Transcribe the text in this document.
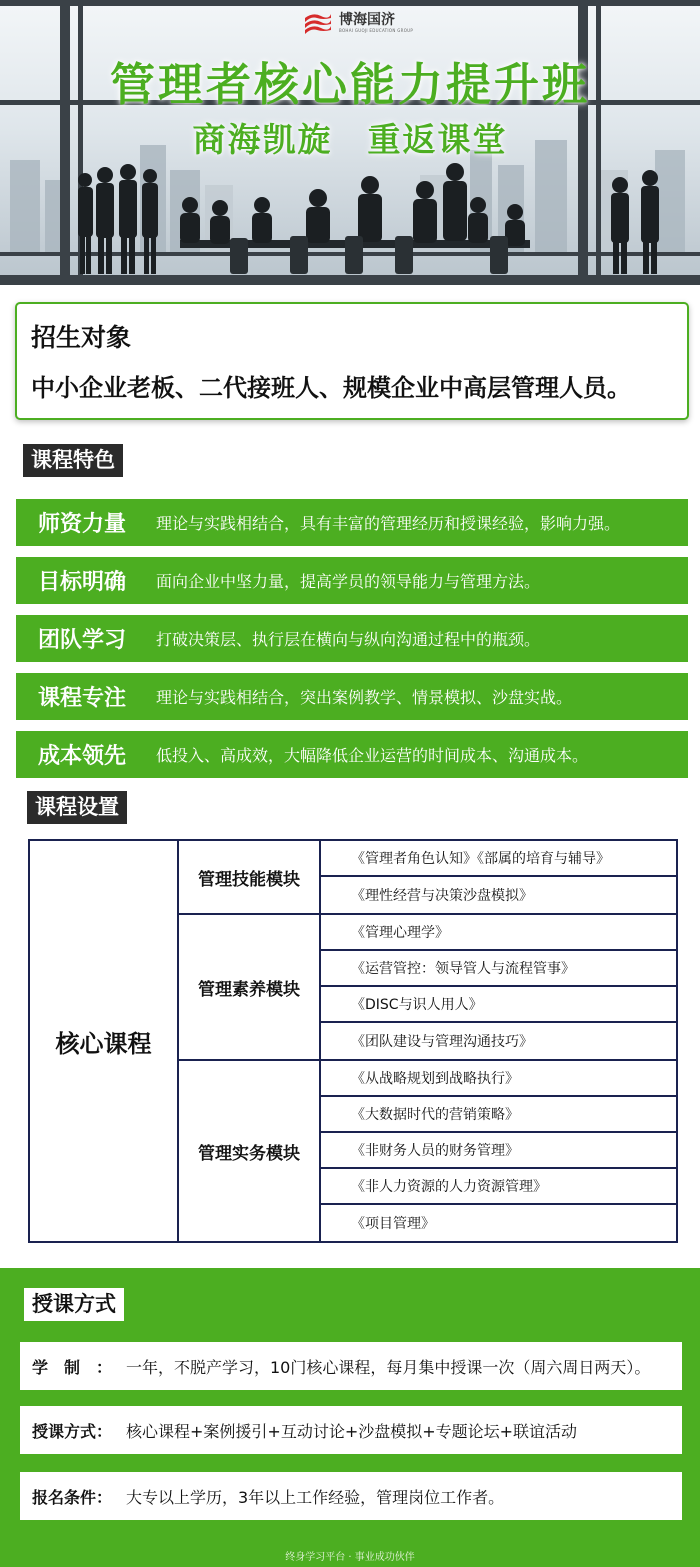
博海国济
BOHAI GUOJI EDUCATION GROUP
管理者核心能力提升班
商海凯旋　重返课堂
招生对象
中小企业老板、二代接班人、规模企业中高层管理人员。
课程特色
师资力量	理论与实践相结合，具有丰富的管理经历和授课经验，影响力强。
目标明确	面向企业中坚力量，提高学员的领导能力与管理方法。
团队学习	打破决策层、执行层在横向与纵向沟通过程中的瓶颈。
课程专注	理论与实践相结合，突出案例教学、情景模拟、沙盘实战。
成本领先	低投入、高成效，大幅降低企业运营的时间成本、沟通成本。
课程设置
核心课程
管理技能模块
《管理者角色认知》《部属的培育与辅导》
《理性经营与决策沙盘模拟》
管理素养模块
《管理心理学》
《运营管控：领导管人与流程管事》
《DISC与识人用人》
《团队建设与管理沟通技巧》
管理实务模块
《从战略规划到战略执行》
《大数据时代的营销策略》
《非财务人员的财务管理》
《非人力资源的人力资源管理》
《项目管理》
授课方式
学制：
一年，不脱产学习，10门核心课程，每月集中授课一次（周六周日两天）。
授课方式： 核心课程+案例援引+互动讨论+沙盘模拟+专题论坛+联谊活动
报名条件： 大专以上学历，3年以上工作经验，管理岗位工作者。
终身学习平台 · 事业成功伙伴
